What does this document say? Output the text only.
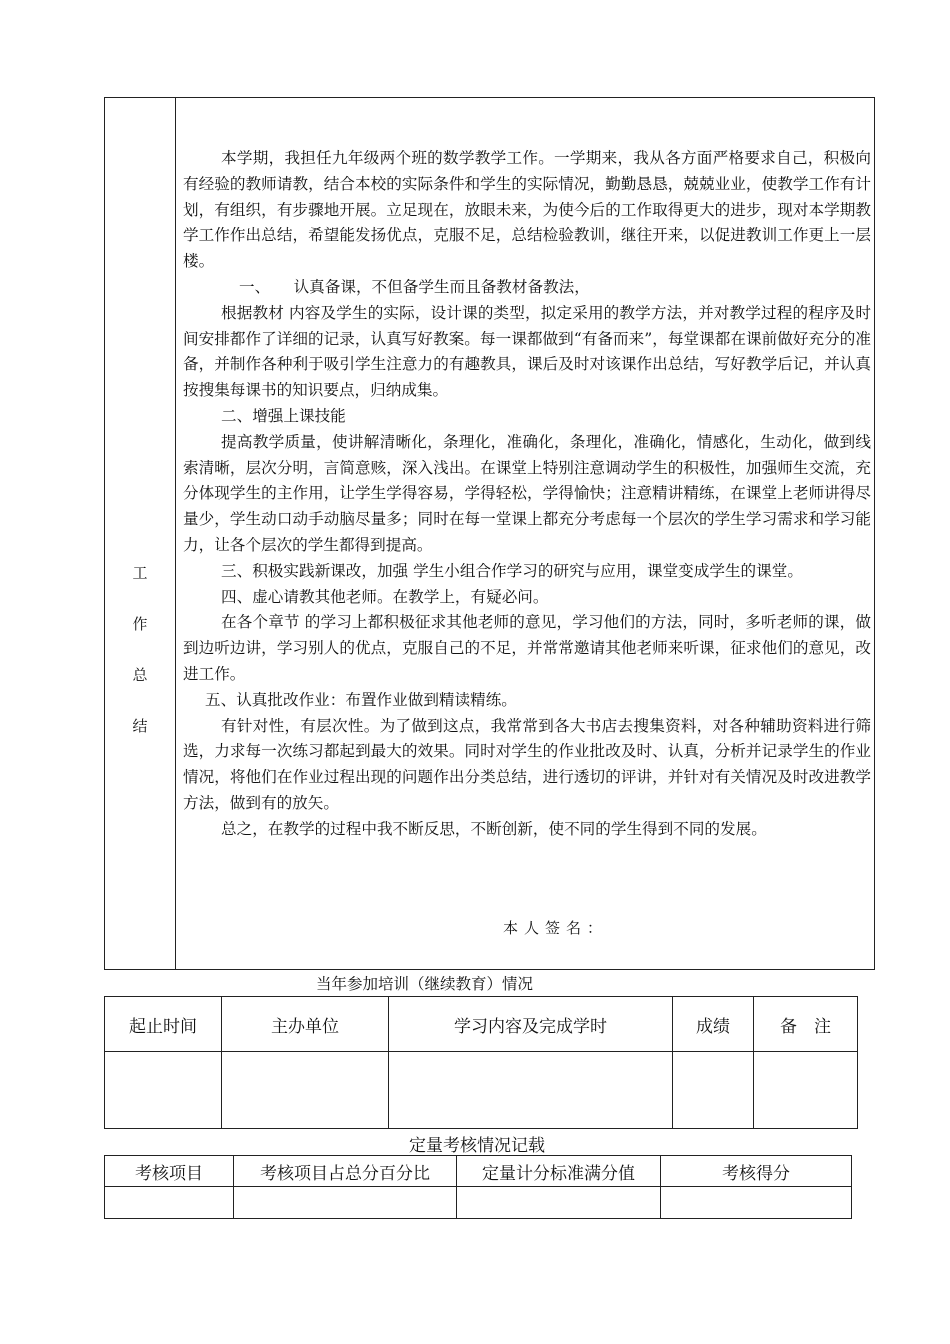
工
作
总
结

本学期，我担任九年级两个班的数学教学工作。一学期来，我从各方面严格要求自己，积极向有经验的教师请教，结合本校的实际条件和学生的实际情况，勤勤恳恳，兢兢业业，使教学工作有计划，有组织，有步骤地开展。立足现在，放眼未来，为使今后的工作取得更大的进步，现对本学期教学工作作出总结，希望能发扬优点，克服不足，总结检验教训，继往开来，以促进教训工作更上一层楼。

一、　　认真备课，不但备学生而且备教材备教法，

根据教材 内容及学生的实际，设计课的类型，拟定采用的教学方法，并对教学过程的程序及时间安排都作了详细的记录，认真写好教案。每一课都做到“有备而来”，每堂课都在课前做好充分的准备，并制作各种利于吸引学生注意力的有趣教具，课后及时对该课作出总结，写好教学后记，并认真按搜集每课书的知识要点，归纳成集。

二、增强上课技能

提高教学质量，使讲解清晰化，条理化，准确化，条理化，准确化，情感化，生动化，做到线索清晰，层次分明，言简意赅，深入浅出。在课堂上特别注意调动学生的积极性，加强师生交流，充分体现学生的主作用，让学生学得容易，学得轻松，学得愉快；注意精讲精练，在课堂上老师讲得尽量少，学生动口动手动脑尽量多；同时在每一堂课上都充分考虑每一个层次的学生学习需求和学习能力，让各个层次的学生都得到提高。

三、积极实践新课改，加强 学生小组合作学习的研究与应用，课堂变成学生的课堂。

四、虚心请教其他老师。在教学上，有疑必问。

在各个章节 的学习上都积极征求其他老师的意见，学习他们的方法，同时，多听老师的课，做到边听边讲，学习别人的优点，克服自己的不足，并常常邀请其他老师来听课，征求他们的意见，改进工作。

五、认真批改作业：布置作业做到精读精练。

有针对性，有层次性。为了做到这点，我常常到各大书店去搜集资料，对各种辅助资料进行筛选，力求每一次练习都起到最大的效果。同时对学生的作业批改及时、认真，分析并记录学生的作业情况，将他们在作业过程出现的问题作出分类总结，进行透切的评讲，并针对有关情况及时改进教学方法，做到有的放矢。

总之，在教学的过程中我不断反思，不断创新，使不同的学生得到不同的发展。

本人签名：
当年参加培训（继续教育）情况
起止时间	主办单位	学习内容及完成学时	成绩	备　注

定量考核情况记载
考核项目	考核项目占总分百分比	定量计分标准满分值	考核得分
